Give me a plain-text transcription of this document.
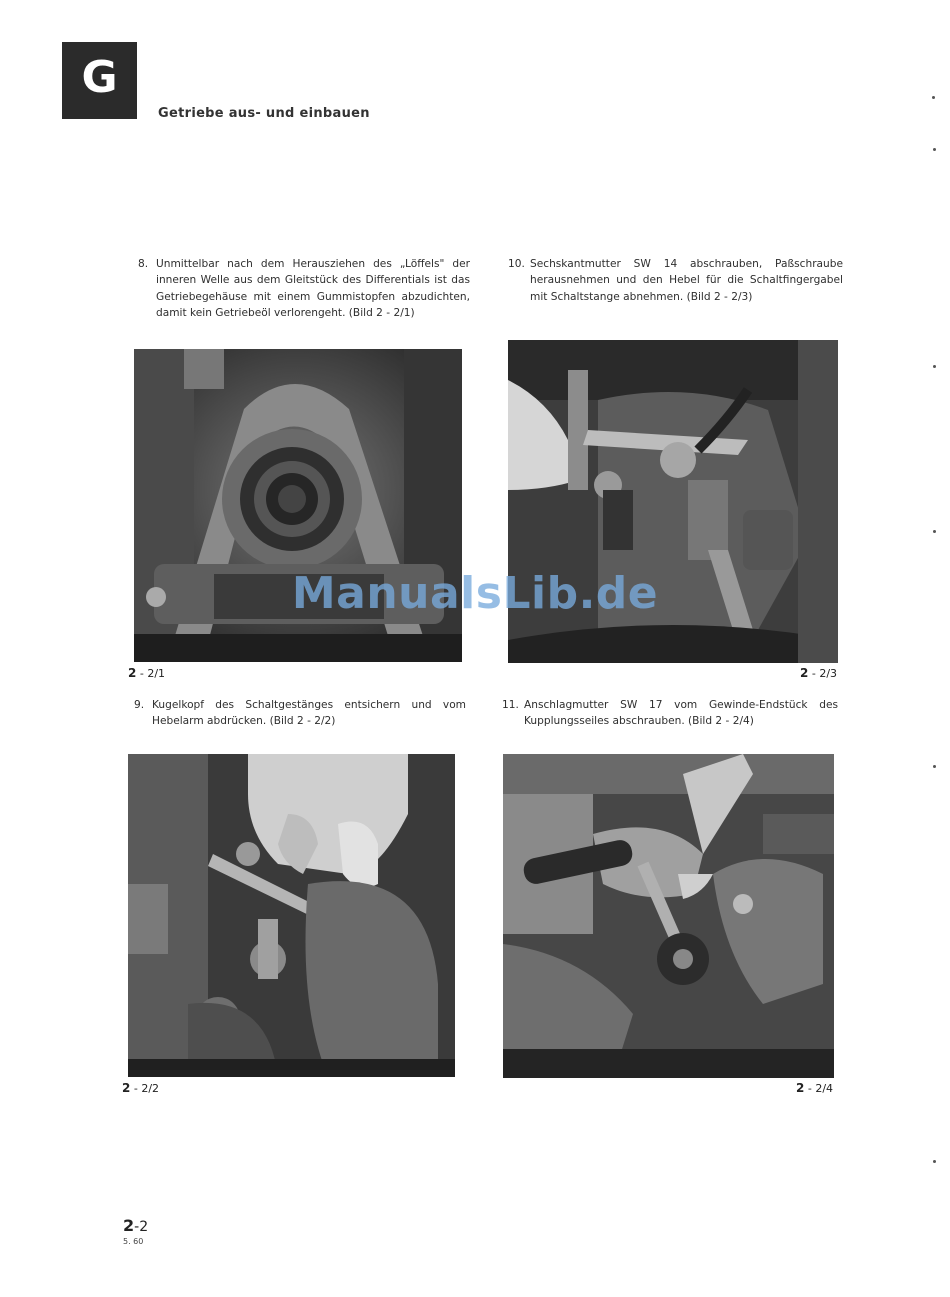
G
Getriebe aus- und einbauen
8. Unmittelbar nach dem Herausziehen des „Löffels" der inneren Welle aus dem Gleitstück des Differentials ist das Getriebegehäuse mit einem Gummistopfen abzudichten, damit kein Getriebeöl verlorengeht. (Bild 2 - 2/1)
10. Sechskantmutter SW 14 abschrauben, Paßschraube herausnehmen und den Hebel für die Schaltfingergabel mit Schaltstange abnehmen. (Bild 2 - 2/3)
9. Kugelkopf des Schaltgestänges entsichern und vom Hebelarm abdrücken. (Bild 2 - 2/2)
11. Anschlagmutter SW 17 vom Gewinde-Endstück des Kupplungsseiles abschrauben. (Bild 2 - 2/4)
2 - 2/1	2 - 2/3
2 - 2/2	2 - 2/4
ManualsLib.de
2-2
5. 60
